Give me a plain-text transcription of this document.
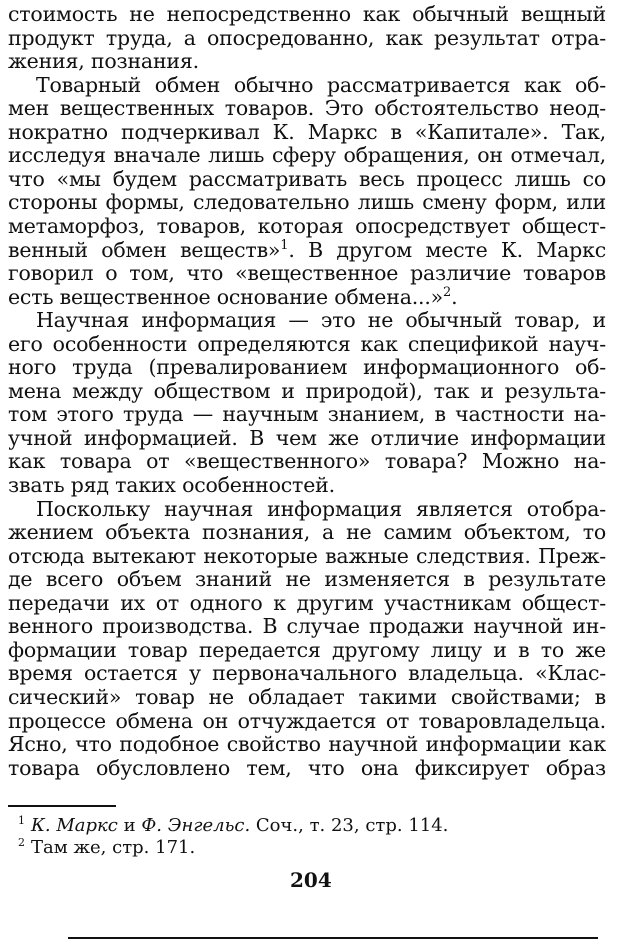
стоимость не непосредственно как обычный вещный
продукт труда, а опосредованно, как результат отра-
жения, познания.
Товарный обмен обычно рассматривается как об-
мен вещественных товаров. Это обстоятельство неод-
нократно подчеркивал К. Маркс в «Капитале». Так,
исследуя вначале лишь сферу обращения, он отмечал,
что «мы будем рассматривать весь процесс лишь со
стороны формы, следовательно лишь смену форм, или
метаморфоз, товаров, которая опосредствует общест-
венный обмен веществ»$^1$. В другом месте К. Маркс
говорил о том, что «вещественное различие товаров
есть вещественное основание обмена...»$^2$.
Научная информация — это не обычный товар, и
его особенности определяются как спецификой науч-
ного труда (превалированием информационного об-
мена между обществом и природой), так и результа-
том этого труда — научным знанием, в частности на-
учной информацией. В чем же отличие информации
как товара от «вещественного» товара? Можно на-
звать ряд таких особенностей.
Поскольку научная информация является отобра-
жением объекта познания, а не самим объектом, то
отсюда вытекают некоторые важные следствия. Преж-
де всего объем знаний не изменяется в результате
передачи их от одного к другим участникам общест-
венного производства. В случае продажи научной ин-
формации товар передается другому лицу и в то же
время остается у первоначального владельца. «Клас-
сический» товар не обладает такими свойствами; в
процессе обмена он отчуждается от товаровладельца.
Ясно, что подобное свойство научной информации как
товара обусловлено тем, что она фиксирует образ
204
$^1$ К. Маркс и Ф. Энгельс. Соч., т. 23, стр. 114.
$^2$ Там же, стр. 171.
